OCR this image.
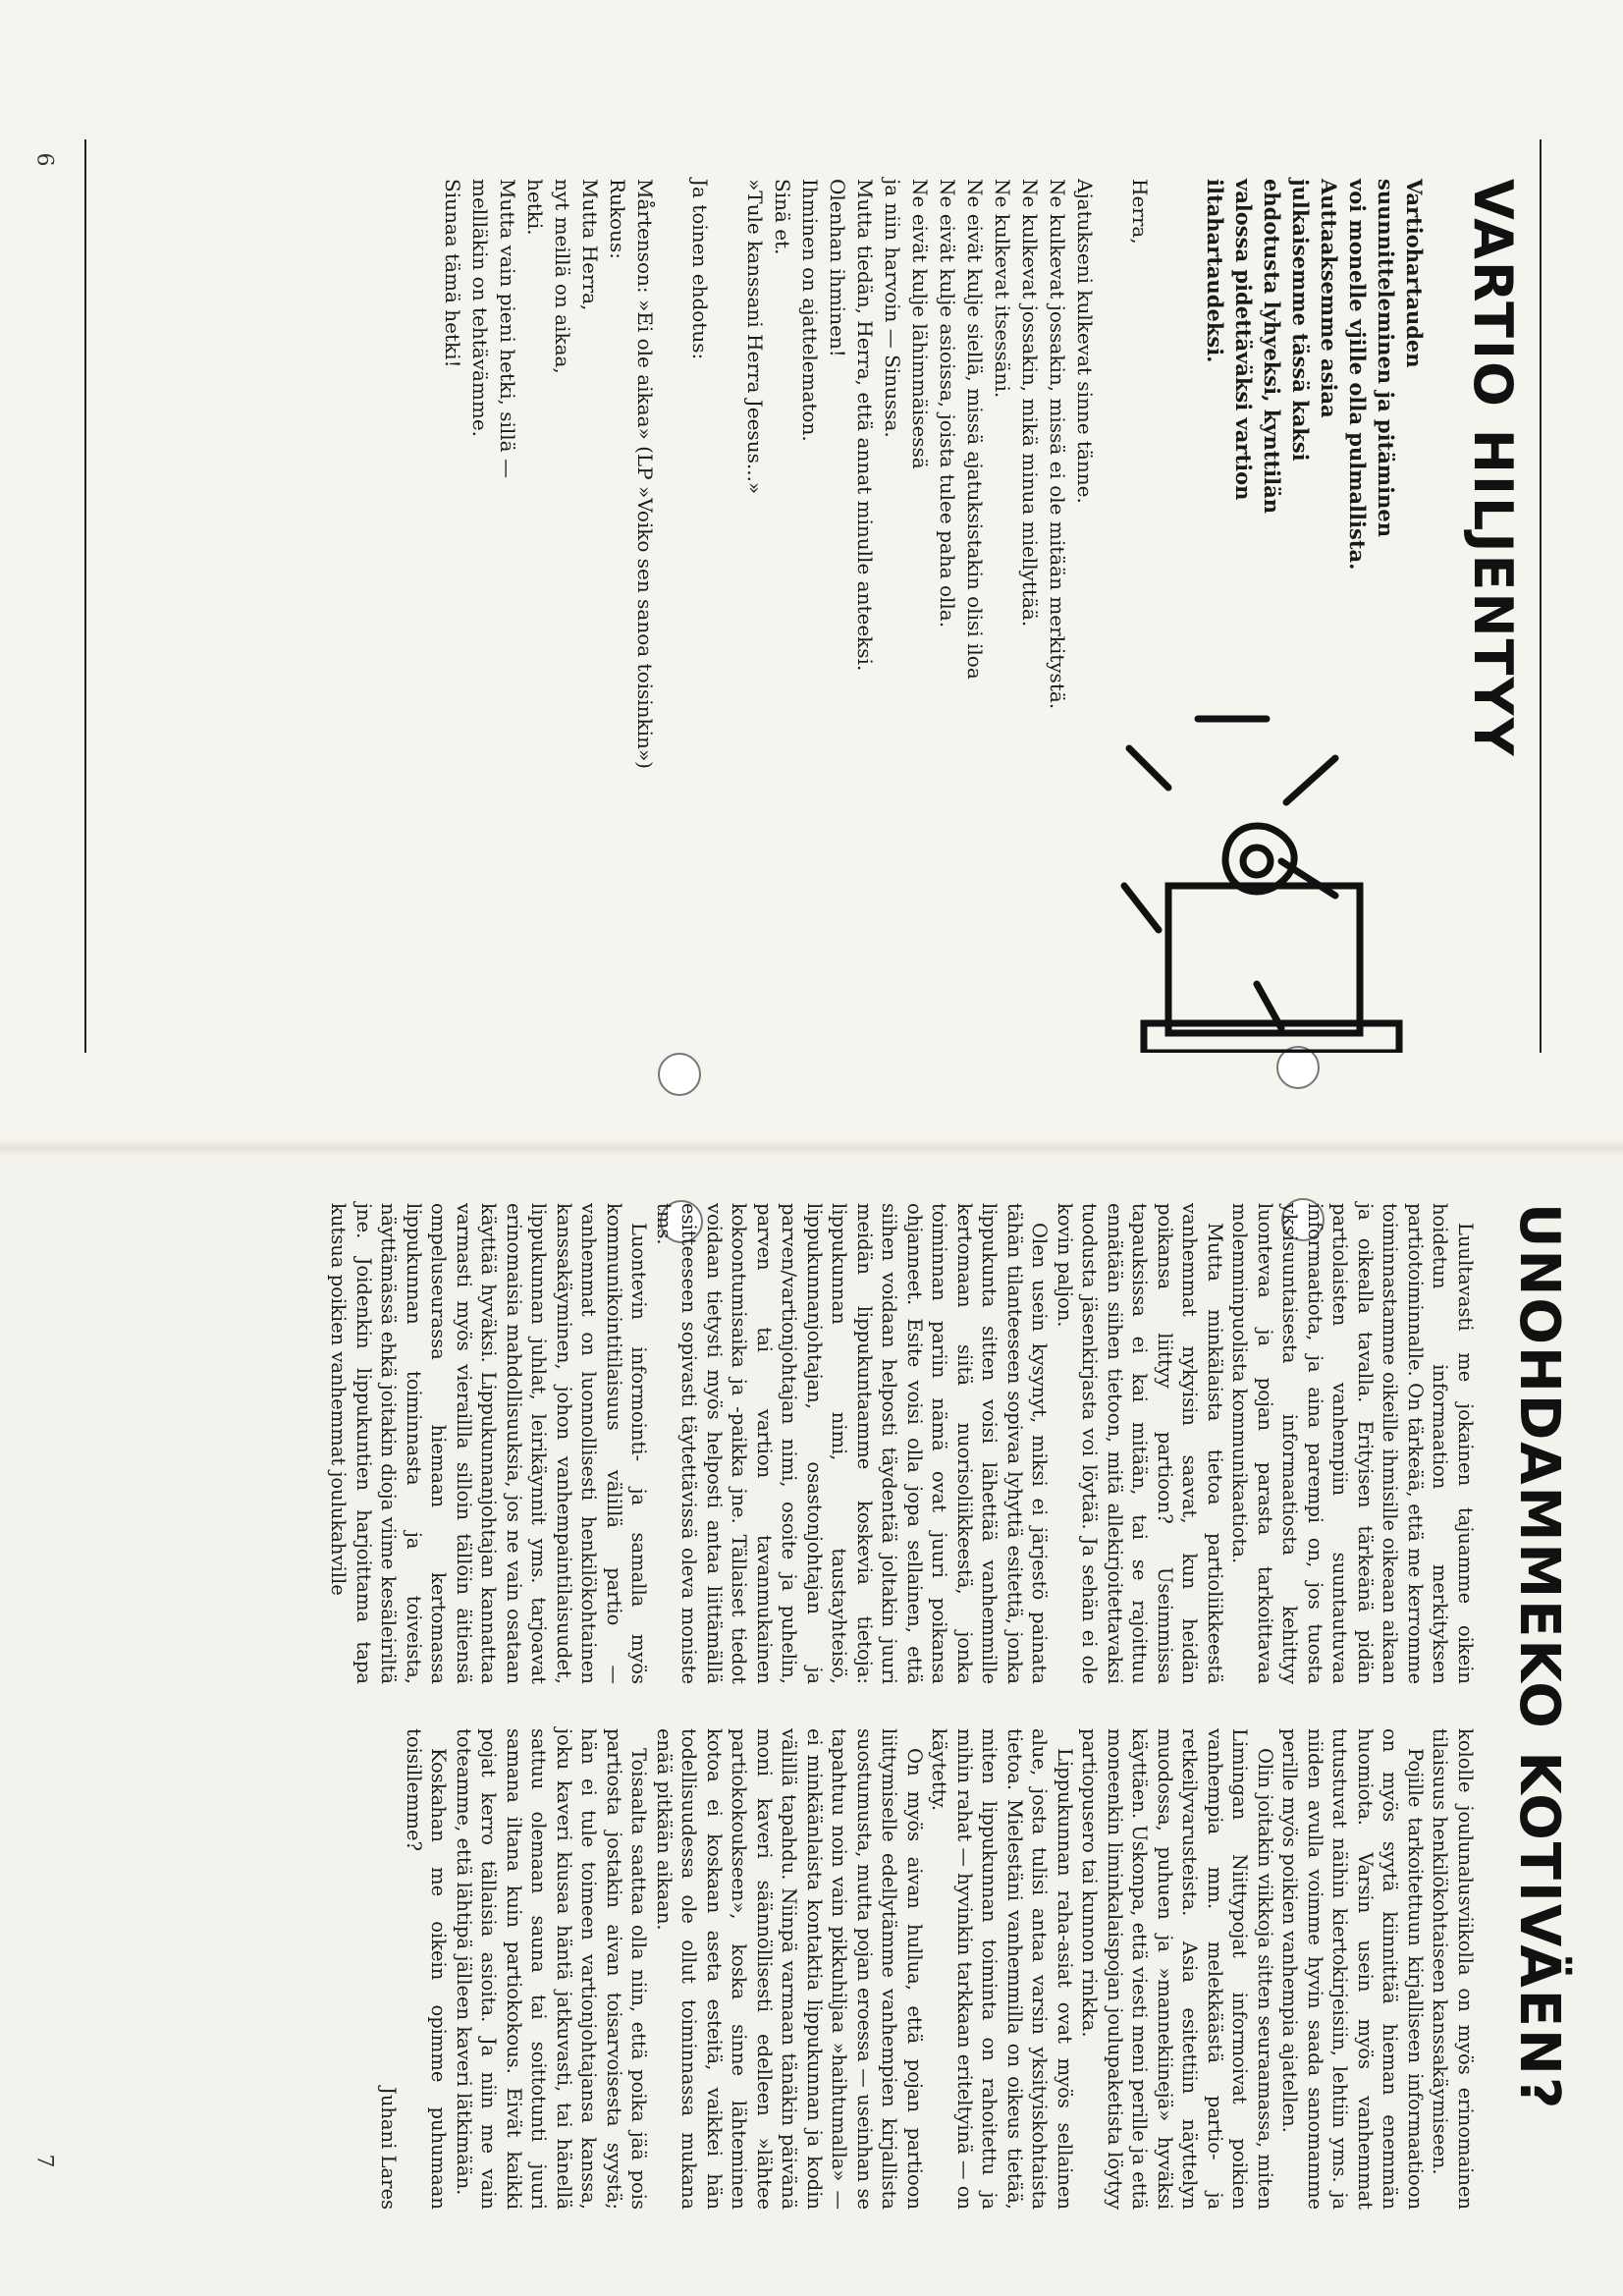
6
7
VARTIO HILJENTYY
Vartiohartauden suunnitteleminen ja pitäminen voi monelle vjille olla pulmallista. Auttaaksemme asiaa julkaisemme tässä kaksi ehdotusta lyhyeksi, kynttilän valossa pidettäväksi vartion iltahartaudeksi.

Herra,

Ajatukseni kulkevat sinne tänne.

Ne kulkevat jossakin, missä ei ole mitään merkitystä.

Ne kulkevat jossakin, mikä minua miellyttää.

Ne kulkevat itsessäni.

Ne eivät kulje siellä, missä ajatuksistakin olisi iloa

Ne eivät kulje asioissa, joista tulee paha olla.

Ne eivät kulje lähimmäisessä

ja niin harvoin — Sinussa.

Mutta tiedän, Herra, että annat minulle anteeksi.

Olenhan ihminen!

Ihminen on ajattelematon.

Sinä et.

»Tule kanssani Herra Jeesus...»

Ja toinen ehdotus:

Mårtenson: »Ei ole aikaa» (LP »Voiko sen sanoa toisinkin»)

Rukous:

Mutta Herra,

nyt meillä on aikaa,

hetki.

Mutta vain pieni hetki, sillä —

mellläkin on tehtävämme.

Siunaa tämä hetki!

UNOHDAMMEKO KOTIVÄEN?

Luultavasti me jokainen tajuamme oikein hoidetun informaation merkityksen partiotoiminnalle. On tärkeää, että me kerromme toiminnastamme oikeille ihmisille oikeaan aikaan ja oikealla tavalla. Erityisen tärkeänä pidän partiolaisten vanhempiin suuntautuvaa informaatiota, ja aina parempi on, jos tuosta yksisuuntaisesta informaatiosta kehittyy luontevaa ja pojan parasta tarkoittavaa molemminpuolista kommunikaatiota.

Mutta minkälaista tietoa partioliikkeestä vanhemmat nykyisin saavat, kun heidän poikansa liittyy partioon? Useimmissa tapauksissa ei kai mitään, tai se rajoittuu ennätään siihen tietoon, mitä allekirjoitettavaksi tuodusta jäsenkirjasta voi löytää. Ja sehän ei ole kovin paljon.

Olen usein kysynyt, miksi ei järjestö painata tähän tilanteeseen sopivaa lyhyttä esitettä, jonka lippukunta sitten voisi lähettää vanhemmille kertomaan siitä nuorisoliikkeestä, jonka toiminnan pariin nämä ovat juuri poikansa ohjanneet. Esite voisi olla jopa sellainen, että siihen voidaan helposti täydentää joltakin juuri meidän lippukuntaamme koskevia tietoja: lippukunnan nimi, taustayhteisö, lippukunnanjohtajan, osastonjohtajan ja parven/vartionjohtajan nimi, osoite ja puhelin, parven tai vartion tavanmukainen kokoontumisaika ja -paikka jne. Tällaiset tiedot voidaan tietysti myös helposti antaa liittämällä esitteeseen sopivasti täytettävissä oleva moniste tms.

Luontevin informointi- ja samalla myös kommunikointitilaisuus välillä partio — vanhemmat on luonnollisesti henkilökohtainen kanssakäyminen, johon vanhempaintilaisuudet, lippukunnan juhlat, leirikäynnit yms. tarjoavat erinomaisia mahdollisuuksia, jos ne vain osataan käyttää hyväksi. Lippukunnanjohtajan kannattaa varmasti myös vieraillla silloin tällöin äitiensä ompeluseurassa hiemaan kertomassa lippukunnan toiminnasta ja toiveista, näyttämässä ehkä joitakin dioja viime kesäleiriltä jne. Joidenkin lippukuntien harjoittama tapa kutsua poikien vanhemmat joulukahville

kololle joulunalusviikolla on myös erinomainen tilaisuus henkilökohtaiseen kanssakäymiseen.

Pojille tarkoitettuun kirjalliseen informaatioon on myös syytä kiinnittää hieman enemmän huomiota. Varsin usein myös vanhemmat tutustuvat näihin kiertokirjeisiin, lehtiin yms. ja niiden avulla voimme hyvin saada sanomamme perille myös poikien vanhempia ajatellen.

Olin joitakin viikkoja sitten seuraamassa, miten Limingan Niittypojat informoivat poikien vanhempia mm. melekkäästä partio- ja retkeilyvarusteista. Asia esitettiin näyttelyn muodossa, puhuen ja »mannekiinejä» hyväksi käyttäen. Uskonpa, että viesti meni perille ja että moneenkin liminkalaispojan joulupaketista löytyy partiopusero tai kunnon rinkka.

Lippukunnan raha-asiat ovat myös sellainen alue, josta tulisi antaa varsin yksityiskohtaista tietoa. Mielestäni vanhemmilla on oikeus tietää, miten lippukunnan toiminta on rahoitettu ja mihin rahat — hyvinkin tarkkaan eriteltyinä — on käytetty.

On myös aivan hullua, että pojan partioon liittymiselle edellytämme vanhempien kirjallista suostumusta, mutta pojan eroessa — useinhan se tapahtuu noin vain pikkuhiljaa »haihtumalla» — ei minkäänlaista kontaktia lippukunnan ja kodin välillä tapahdu. Niinpä varmaan tänäkin päivänä moni kaveri säännöllisesti edelleen »lähtee partiokokoukseen», koska sinne lähteminen kotoa ei koskaan aseta esteitä, vaikkei hän todellisuudessa ole ollut toiminnassa mukana enää pitkään aikaan.

Toisaalta saattaa olla niin, että poika jää pois partiosta jostakin aivan toisarvoisesta syystä; hän ei tule toimeen vartionjohtajansa kanssa, joku kaveri kiusaa häntä jatkuvasti, tai hänellä sattuu olemaan sauna tai soittotunti juuri samana iltana kuin partiokokous. Eivät kaikki pojat kerro tällaisia asioita. Ja niin me vain toteamme, että lähtipä jälleen kaveri lätkimään.

Koskahan me oikein opimme puhumaan toisillemme?

Juhani Lares
